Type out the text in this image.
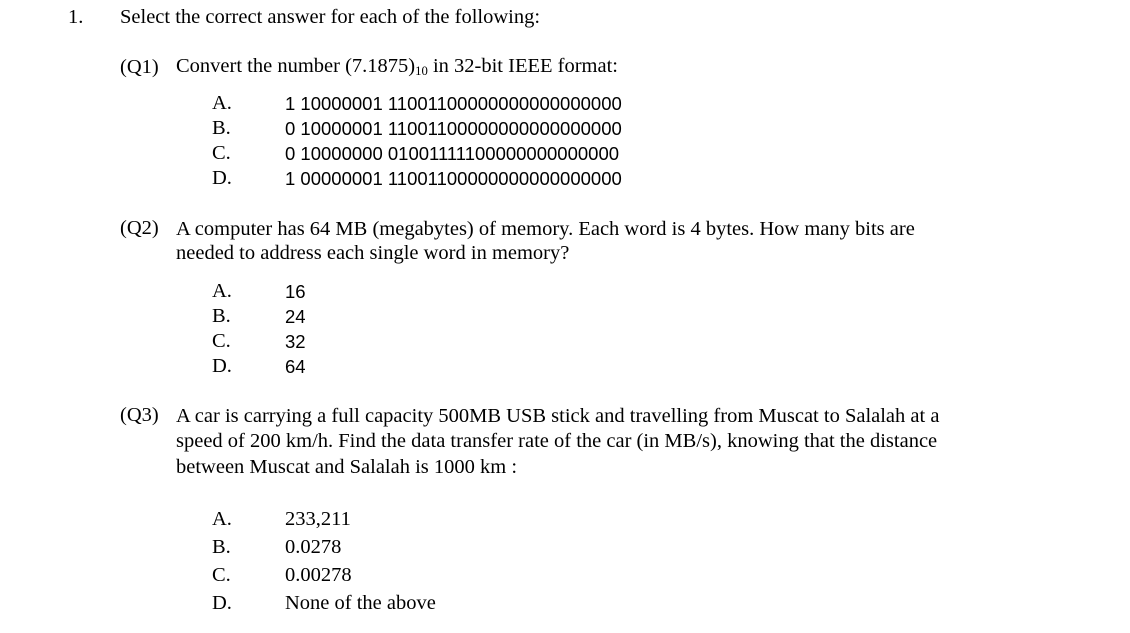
1. Select the correct answer for each of the following:
(Q1) Convert the number $(7.1875)_{10}$ in 32-bit IEEE format:
A.	1 10000001 11001100000000000000000
B.	0 10000001 11001100000000000000000
C.	0 10000000 01001111100000000000000
D.	1 00000001 11001100000000000000000
(Q2) A computer has 64 MB (megabytes) of memory. Each word is 4 bytes. How many bits are
needed to address each single word in memory?
A.	16
B.	24
C.	32
D.	64
(Q3) A car is carrying a full capacity 500MB USB stick and travelling from Muscat to Salalah at a
speed of 200 km/h. Find the data transfer rate of the car (in MB/s), knowing that the distance
between Muscat and Salalah is 1000 km :
A.	233,211
B.	0.0278
C.	0.00278
D.	None of the above
